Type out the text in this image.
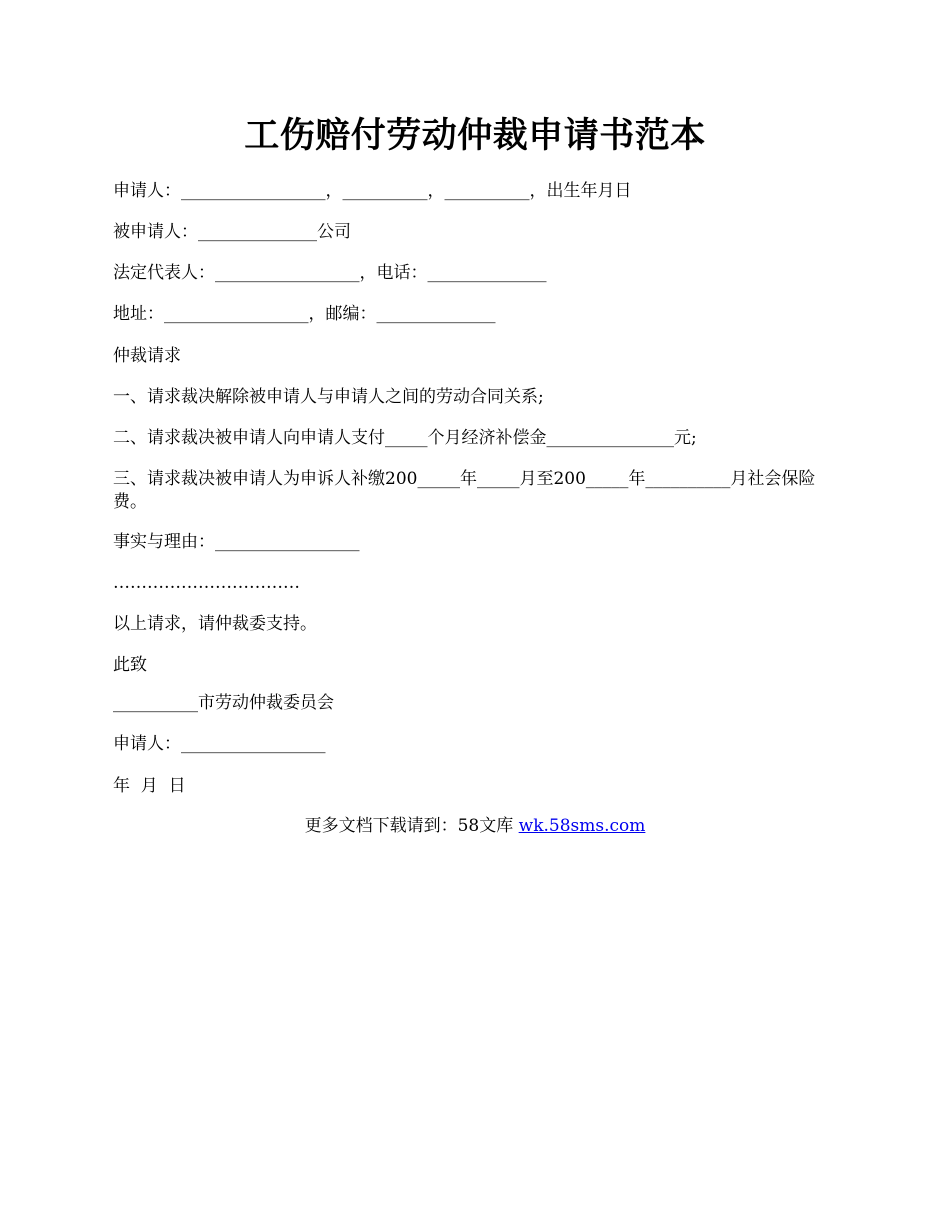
工伤赔付劳动仲裁申请书范本

申请人：_________________，__________，__________，出生年月日

被申请人：______________公司

法定代表人：_________________，电话：______________

地址：_________________，邮编：______________

仲裁请求

一、请求裁决解除被申请人与申请人之间的劳动合同关系;

二、请求裁决被申请人向申请人支付_____个月经济补偿金_______________元;

三、请求裁决被申请人为申诉人补缴200_____年_____月至200_____年__________月社会保险费。

事实与理由：_________________

……………………………

以上请求，请仲裁委支持。

此致

__________市劳动仲裁委员会

申请人：_________________

年  月  日

更多文档下载请到：58文库 wk.58sms.com
